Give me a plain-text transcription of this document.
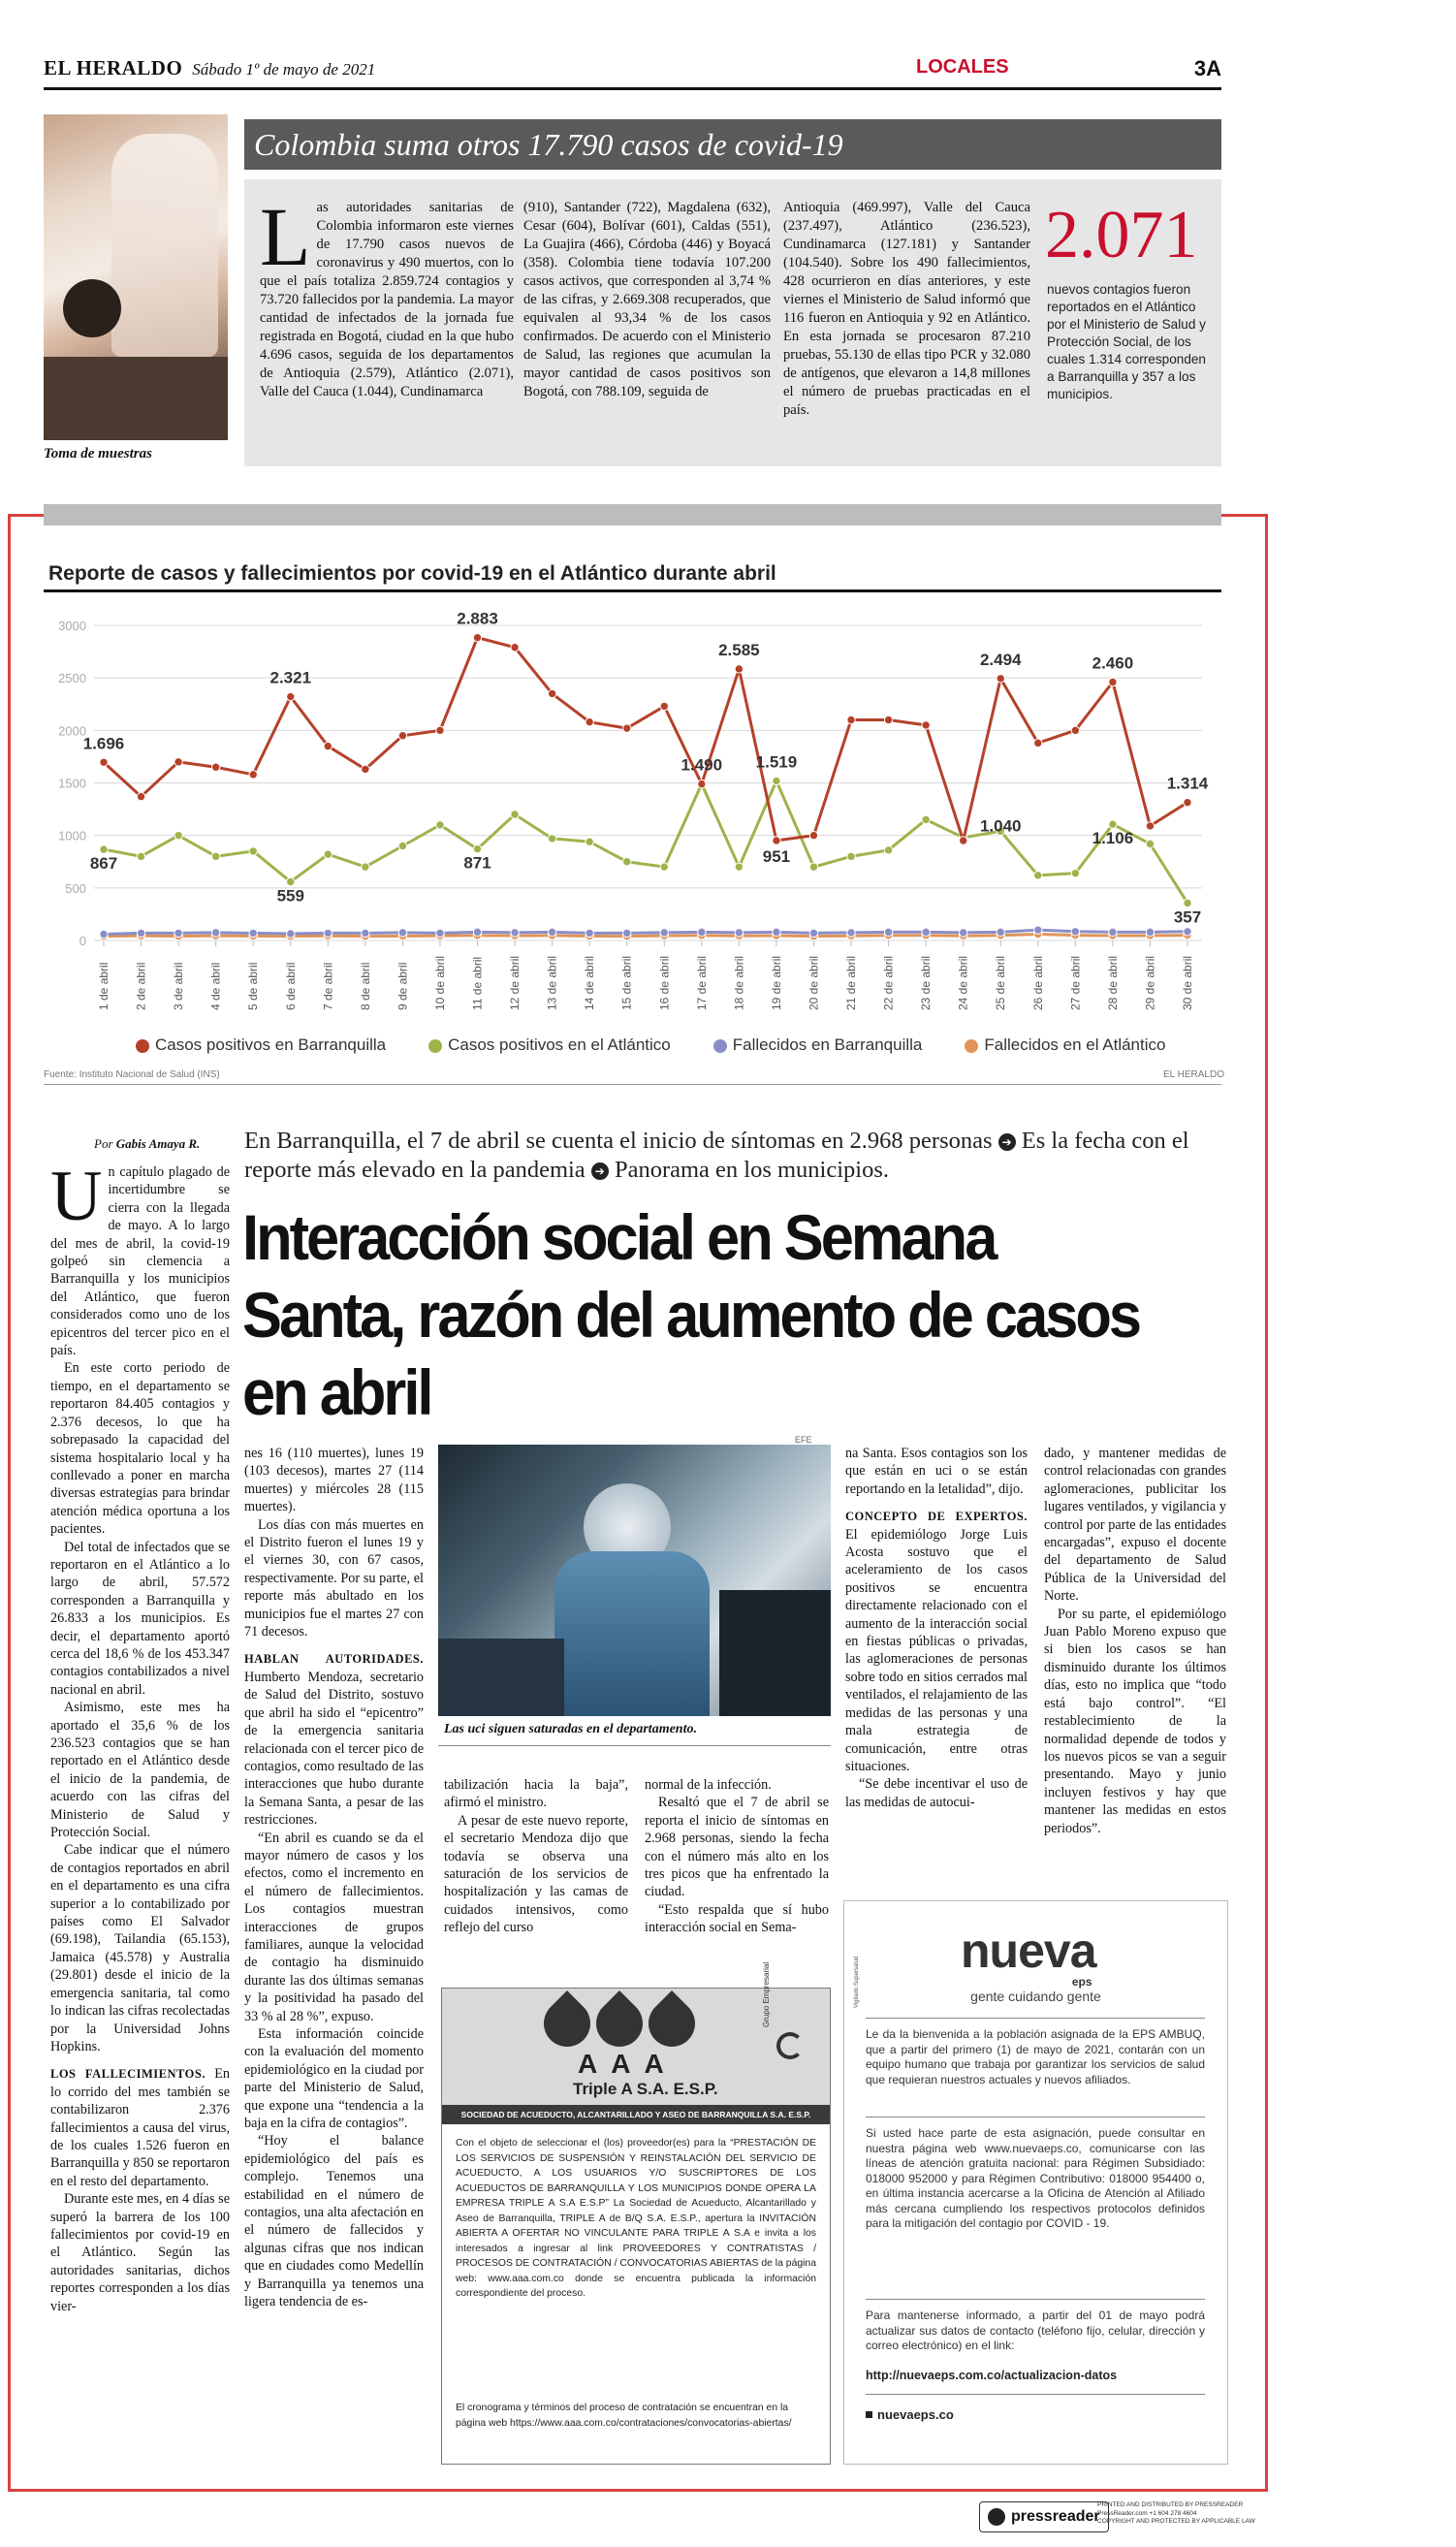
EL HERALDO Sábado 1º de mayo de 2021	LOCALES	3A
Toma de muestras
Colombia suma otros 17.790 casos de covid-19
L as autoridades sanitarias de Colombia informaron este viernes de 17.790 casos nuevos de coronavirus y 490 muertos, con lo que el país totaliza 2.859.724 contagios y 73.720 fallecidos por la pandemia. La mayor cantidad de infectados de la jornada fue registrada en Bogotá, ciudad en la que hubo 4.696 casos, seguida de los departamentos de Antioquia (2.579), Atlántico (2.071), Valle del Cauca (1.044), Cundinamarca
(910), Santander (722), Magdalena (632), Cesar (604), Bolívar (601), Caldas (551), La Guajira (466), Córdoba (446) y Boyacá (358). Colombia tiene todavía 107.200 casos activos, que corresponden al 3,74 % de las cifras, y 2.669.308 recuperados, que equivalen al 93,34 % de los casos confirmados. De acuerdo con el Ministerio de Salud, las regiones que acumulan la mayor cantidad de casos positivos son Bogotá, con 788.109, seguida de
Antioquia (469.997), Valle del Cauca (237.497), Atlántico (236.523), Cundinamarca (127.181) y Santander (104.540). Sobre los 490 fallecimientos, 428 ocurrieron en días anteriores, y este viernes el Ministerio de Salud informó que 116 fueron en Antioquia y 92 en Atlántico. En esta jornada se procesaron 87.210 pruebas, 55.130 de ellas tipo PCR y 32.080 de antígenos, que elevaron a 14,8 millones el número de pruebas practicadas en el país.
2.071
nuevos contagios fueron reportados en el Atlántico por el Ministerio de Salud y Protección Social, de los cuales 1.314 corresponden a Barranquilla y 357 a los municipios.
Reporte de casos y fallecimientos por covid-19 en el Atlántico durante abril
3000
2500
2000
1500
1000
500
0
1 de abril 2 de abril 3 de abril 4 de abril 5 de abril 6 de abril 7 de abril 8 de abril 9 de abril 10 de abril 11 de abril 12 de abril 13 de abril 14 de abril 15 de abril 16 de abril 17 de abril 18 de abril 19 de abril 20 de abril 21 de abril 22 de abril 23 de abril 24 de abril 25 de abril 26 de abril 27 de abril 28 de abril 29 de abril 30 de abril
1.696
2.321
2.883
2.585
2.494	2.460
1.314
951
867
559
871
1.490 1.519
1.040
1.106
357
Casos positivos en Barranquilla	Casos positivos en el Atlántico	Fallecidos en Barranquilla	Fallecidos en el Atlántico
Fuente: Instituto Nacional de Salud (INS)	EL HERALDO
Por Gabis Amaya R. En Barranquilla, el 7 de abril se cuenta el inicio de síntomas en 2.968 personas ➔ Es la fecha con el reporte más elevado en la pandemia ➔ Panorama en los municipios.
Interacción social en Semana Santa, razón del aumento de casos en abril

Un capítulo plagado de incertidumbre se cierra con la llegada de mayo. A lo largo del mes de abril, la covid-19 golpeó sin clemencia a Barranquilla y los municipios del Atlántico, que fueron considerados como uno de los epicentros del tercer pico en el país.

En este corto periodo de tiempo, en el departamento se reportaron 84.405 contagios y 2.376 decesos, lo que ha sobrepasado la capacidad del sistema hospitalario local y ha conllevado a poner en marcha diversas estrategias para brindar atención médica oportuna a los pacientes.

Del total de infectados que se reportaron en el Atlántico a lo largo de abril, 57.572 corresponden a Barranquilla y 26.833 a los municipios. Es decir, el departamento aportó cerca del 18,6 % de los 453.347 contagios contabilizados a nivel nacional en abril.

Asimismo, este mes ha aportado el 35,6 % de los 236.523 contagios que se han reportado en el Atlántico desde el inicio de la pandemia, de acuerdo con las cifras del Ministerio de Salud y Protección Social.

Cabe indicar que el número de contagios reportados en abril en el departamento es una cifra superior a lo contabilizado por países como El Salvador (69.198), Tailandia (65.153), Jamaica (45.578) y Australia (29.801) desde el inicio de la emergencia sanitaria, tal como lo indican las cifras recolectadas por la Universidad Johns Hopkins.

LOS FALLECIMIENTOS. En lo corrido del mes también se contabilizaron 2.376 fallecimientos a causa del virus, de los cuales 1.526 fueron en Barranquilla y 850 se reportaron en el resto del departamento.

Durante este mes, en 4 días se superó la barrera de los 100 fallecimientos por covid-19 en el Atlántico. Según las autoridades sanitarias, dichos reportes corresponden a los días vier-

nes 16 (110 muertes), lunes 19 (103 decesos), martes 27 (114 muertes) y miércoles 28 (115 muertes).

Los días con más muertes en el Distrito fueron el lunes 19 y el viernes 30, con 67 casos, respectivamente. Por su parte, el reporte más abultado en los municipios fue el martes 27 con 71 decesos.

HABLAN AUTORIDADES. Humberto Mendoza, secretario de Salud del Distrito, sostuvo que abril ha sido el “epicentro” de la emergencia sanitaria relacionada con el tercer pico de contagios, como resultado de las interacciones que hubo durante la Semana Santa, a pesar de las restricciones.

“En abril es cuando se da el mayor número de casos y los efectos, como el incremento en el número de fallecimientos. Los contagios muestran interacciones de grupos familiares, aunque la velocidad de contagio ha disminuido durante las dos últimas semanas y la positividad ha pasado del 33 % al 28 %”, expuso.

Esta información coincide con la evaluación del momento epidemiológico en la ciudad por parte del Ministerio de Salud, que expone una “tendencia a la baja en la cifra de contagios”.

“Hoy el balance epidemiológico del país es complejo. Tenemos una estabilidad en el número de contagios, una alta afectación en el número de fallecidos y algunas cifras que nos indican que en ciudades como Medellín y Barranquilla ya tenemos una ligera tendencia de es-

EFE
Las uci siguen saturadas en el departamento.

tabilización hacia la baja”, afirmó el ministro.

A pesar de este nuevo reporte, el secretario Mendoza dijo que todavía se observa una saturación de los servicios de hospitalización y las camas de cuidados intensivos, como reflejo del curso

normal de la infección.

Resaltó que el 7 de abril se reporta el inicio de síntomas en 2.968 personas, siendo la fecha con el número más alto en los tres picos que ha enfrentado la ciudad.

“Esto respalda que sí hubo interacción social en Sema-

na Santa. Esos contagios son los que están en uci o se están reportando en la letalidad”, dijo.

CONCEPTO DE EXPERTOS. El epidemiólogo Jorge Luis Acosta sostuvo que el aceleramiento de los casos positivos se encuentra directamente relacionado con el aumento de la interacción social en fiestas públicas o privadas, las aglomeraciones de personas sobre todo en sitios cerrados mal ventilados, el relajamiento de las medidas de las personas y una mala estrategia de comunicación, entre otras situaciones.

“Se debe incentivar el uso de las medidas de autocui-

dado, y mantener medidas de control relacionadas con grandes aglomeraciones, publicitar los lugares ventilados, y vigilancia y control por parte de las entidades encargadas”, expuso el docente del departamento de Salud Pública de la Universidad del Norte.

Por su parte, el epidemiólogo Juan Pablo Moreno expuso que si bien los casos se han disminuido durante los últimos días, esto no implica que “todo está bajo control”. “El restablecimiento de la normalidad depende de todos y los nuevos picos se van a seguir presentando. Mayo y junio incluyen festivos y hay que mantener las medidas en estos periodos”.

AAA
Triple A S.A. E.S.P.
Grupo Empresarial
SOCIEDAD DE ACUEDUCTO, ALCANTARILLADO Y ASEO DE BARRANQUILLA S.A. E.S.P.
Con el objeto de seleccionar el (los) proveedor(es) para la “PRESTACIÓN DE LOS SERVICIOS DE SUSPENSIÓN Y REINSTALACIÓN DEL SERVICIO DE ACUEDUCTO, A LOS USUARIOS Y/O SUSCRIPTORES DE LOS ACUEDUCTOS DE BARRANQUILLA Y LOS MUNICIPIOS DONDE OPERA LA EMPRESA TRIPLE A S.A E.S.P” La Sociedad de Acueducto, Alcantarillado y Aseo de Barranquilla, TRIPLE A de B/Q S.A. E.S.P., apertura la INVITACIÓN ABIERTA A OFERTAR NO VINCULANTE PARA TRIPLE A S.A e invita a los interesados a ingresar al link PROVEEDORES Y CONTRATISTAS / PROCESOS DE CONTRATACIÓN / CONVOCATORIAS ABIERTAS de la página web: www.aaa.com.co donde se encuentra publicada la información correspondiente del proceso.
El cronograma y términos del proceso de contratación se encuentran en la página web https://www.aaa.com.co/contrataciones/convocatorias-abiertas/
Vigilado Supersalud
nueva
eps
gente cuidando gente
Le da la bienvenida a la población asignada de la EPS AMBUQ, que a partir del primero (1) de mayo de 2021, contarán con un equipo humano que trabaja por garantizar los servicios de salud que requieran nuestros actuales y nuevos afiliados.
Si usted hace parte de esta asignación, puede consultar en nuestra página web www.nuevaeps.co, comunicarse con las líneas de atención gratuita nacional: para Régimen Subsidiado: 018000 952000 y para Régimen Contributivo: 018000 954400 o, en última instancia acercarse a la Oficina de Atención al Afiliado más cercana cumpliendo los respectivos protocolos definidos para la mitigación del contagio por COVID - 19.
Para mantenerse informado, a partir del 01 de mayo podrá actualizar sus datos de contacto (teléfono fijo, celular, dirección y correo electrónico) en el link:
http://nuevaeps.com.co/actualizacion-datos
nuevaeps.co
pressreader
PRINTED AND DISTRIBUTED BY PRESSREADER
PressReader.com +1 604 278 4604
COPYRIGHT AND PROTECTED BY APPLICABLE LAW
